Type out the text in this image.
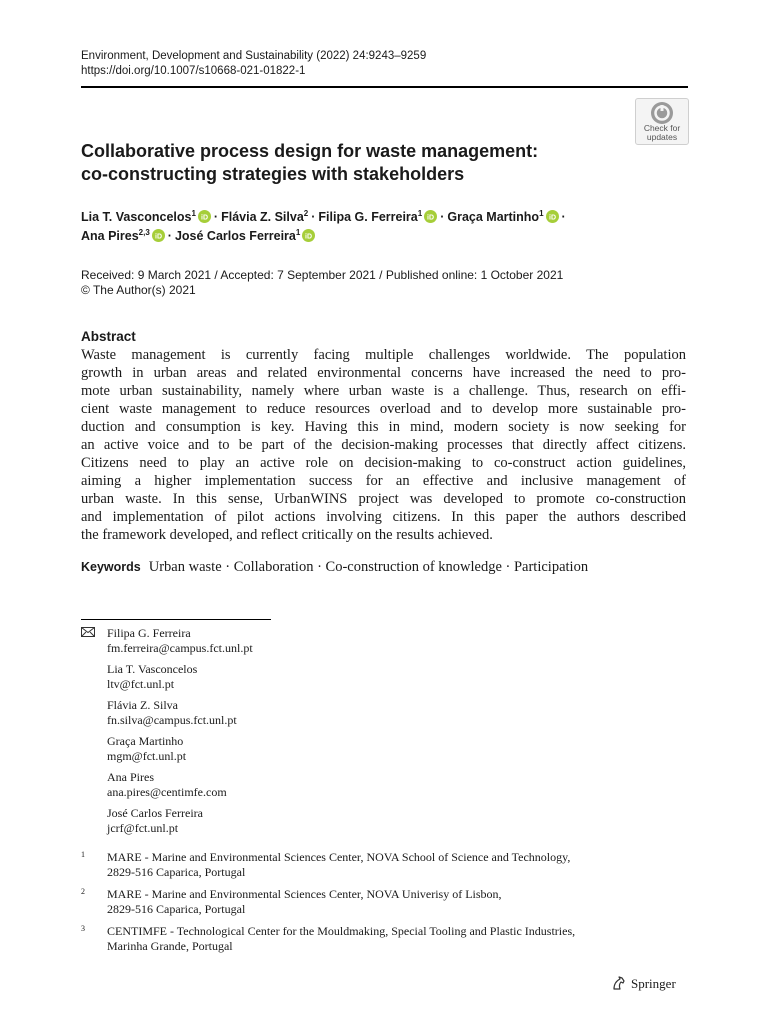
Environment, Development and Sustainability (2022) 24:9243–9259
https://doi.org/10.1007/s10668-021-01822-1
Check for
updates
Collaborative process design for waste management:
co-constructing strategies with stakeholders
Lia T. Vasconcelos$^1$
iD · Flávia Z. Silva$^2$ · Filipa G. Ferreira$^1$
iD · Graça Martinho$^1$
iD ·
Ana Pires$^{2,3}$
iD · José Carlos Ferreira$^1$
iD
Received: 9 March 2021 / Accepted: 7 September 2021 / Published online: 1 October 2021
© The Author(s) 2021
Abstract
Waste management is currently facing multiple challenges worldwide. The population
growth in urban areas and related environmental concerns have increased the need to pro-
mote urban sustainability, namely where urban waste is a challenge. Thus, research on effi-
cient waste management to reduce resources overload and to develop more sustainable pro-
duction and consumption is key. Having this in mind, modern society is now seeking for
an active voice and to be part of the decision-making processes that directly affect citizens.
Citizens need to play an active role on decision-making to co-construct action guidelines,
aiming a higher implementation success for an effective and inclusive management of
urban waste. In this sense, UrbanWINS project was developed to promote co-construction
and implementation of pilot actions involving citizens. In this paper the authors described
the framework developed, and reflect critically on the results achieved.
Keywords Urban waste · Collaboration · Co-construction of knowledge · Participation
Filipa G. Ferreira
fm.ferreira@campus.fct.unl.pt
Lia T. Vasconcelos
ltv@fct.unl.pt
Flávia Z. Silva
fn.silva@campus.fct.unl.pt
Graça Martinho
mgm@fct.unl.pt
Ana Pires
ana.pires@centimfe.com
José Carlos Ferreira
jcrf@fct.unl.pt
1 MARE - Marine and Environmental Sciences Center, NOVA School of Science and Technology,
2829-516 Caparica, Portugal
2 MARE - Marine and Environmental Sciences Center, NOVA Univerisy of Lisbon,
2829-516 Caparica, Portugal
3 CENTIMFE - Technological Center for the Mouldmaking, Special Tooling and Plastic Industries,
Marinha Grande, Portugal
Springer
